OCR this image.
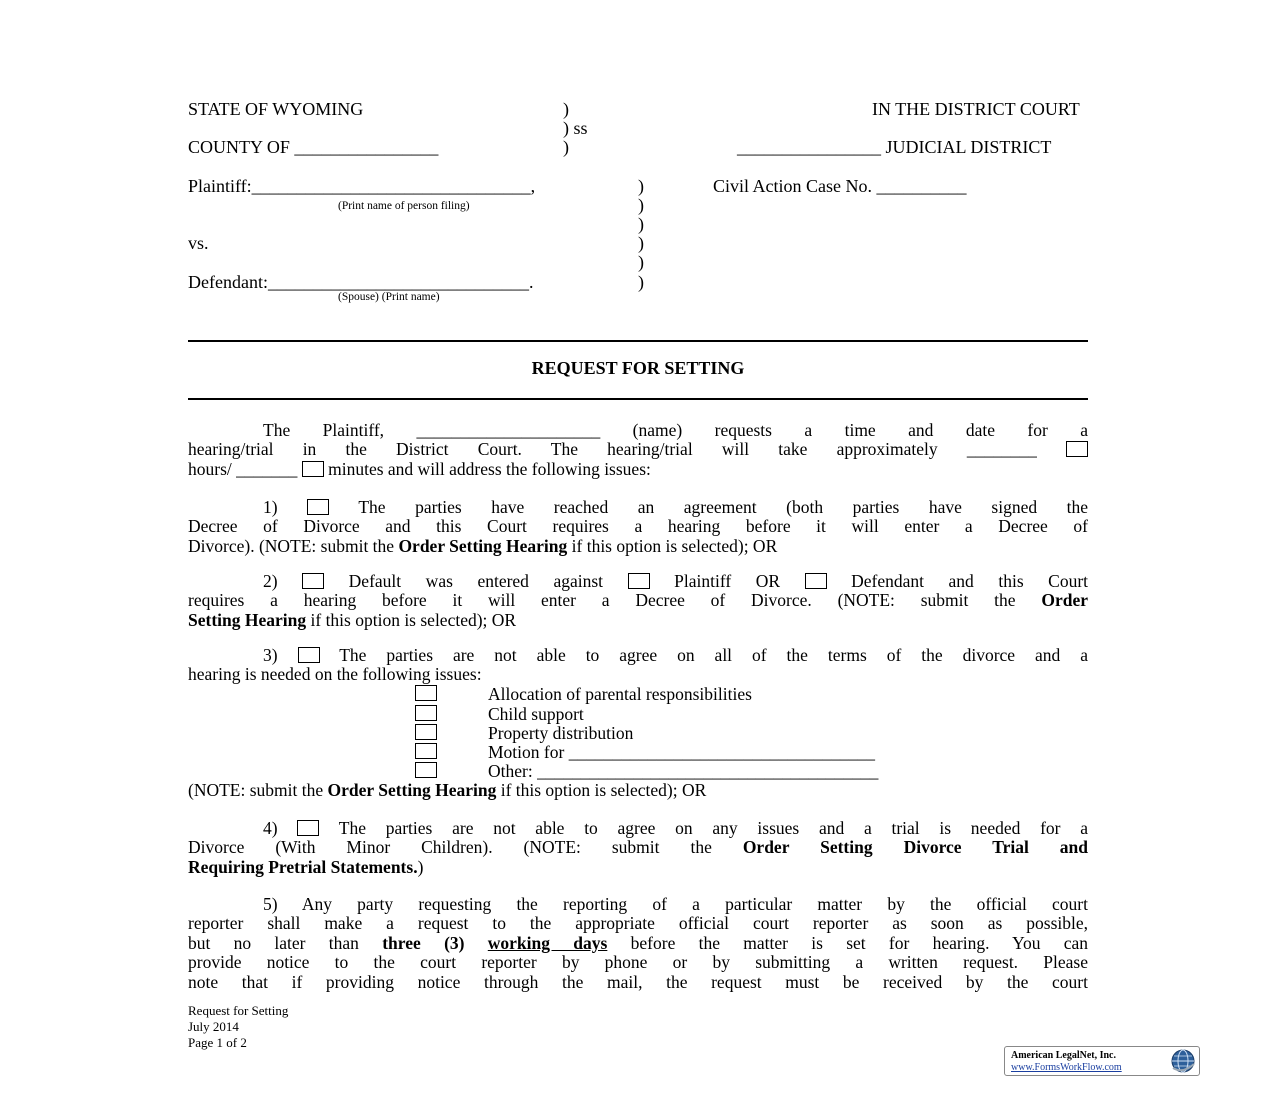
STATE OF WYOMING	)
) ss
COUNTY OF ________________	)
IN THE DISTRICT COURT
________________ JUDICIAL DISTRICT
Plaintiff:_______________________________,
(Print name of person filing)
vs.
Defendant:_____________________________.
(Spouse) (Print name)
)
)
)
)
)
)
Civil Action Case No. __________
REQUEST FOR SETTING
The Plaintiff, _____________________ (name) requests a time and date for a
hearing/trial in the District Court. The hearing/trial will take approximately ________
hours/ _______ minutes and will address the following issues:
1)	The parties have reached an agreement (both parties have signed the
Decree of Divorce and this Court requires a hearing before it will enter a Decree of
Divorce). (NOTE: submit the Order Setting Hearing if this option is selected); OR
2)	Default was entered against	Plaintiff OR	Defendant and this Court
requires a hearing before it will enter a Decree of Divorce. (NOTE: submit the Order
Setting Hearing if this option is selected); OR
3)	The parties are not able to agree on all of the terms of the divorce and a
hearing is needed on the following issues:
Allocation of parental responsibilities
Child support
Property distribution
Motion for ___________________________________
Other: _______________________________________
(NOTE: submit the Order Setting Hearing if this option is selected); OR
4)	The parties are not able to agree on any issues and a trial is needed for a
Divorce (With Minor Children). (NOTE: submit the Order Setting Divorce Trial and
Requiring Pretrial Statements.)
5) Any party requesting the reporting of a particular matter by the official court
reporter shall make a request to the appropriate official court reporter as soon as possible,
but no later than three (3) working days before the matter is set for hearing. You can
provide notice to the court reporter by phone or by submitting a written request. Please
note that if providing notice through the mail, the request must be received by the court
Request for Setting
July 2014
Page 1 of 2
American LegalNet, Inc.
www.FormsWorkFlow.com
